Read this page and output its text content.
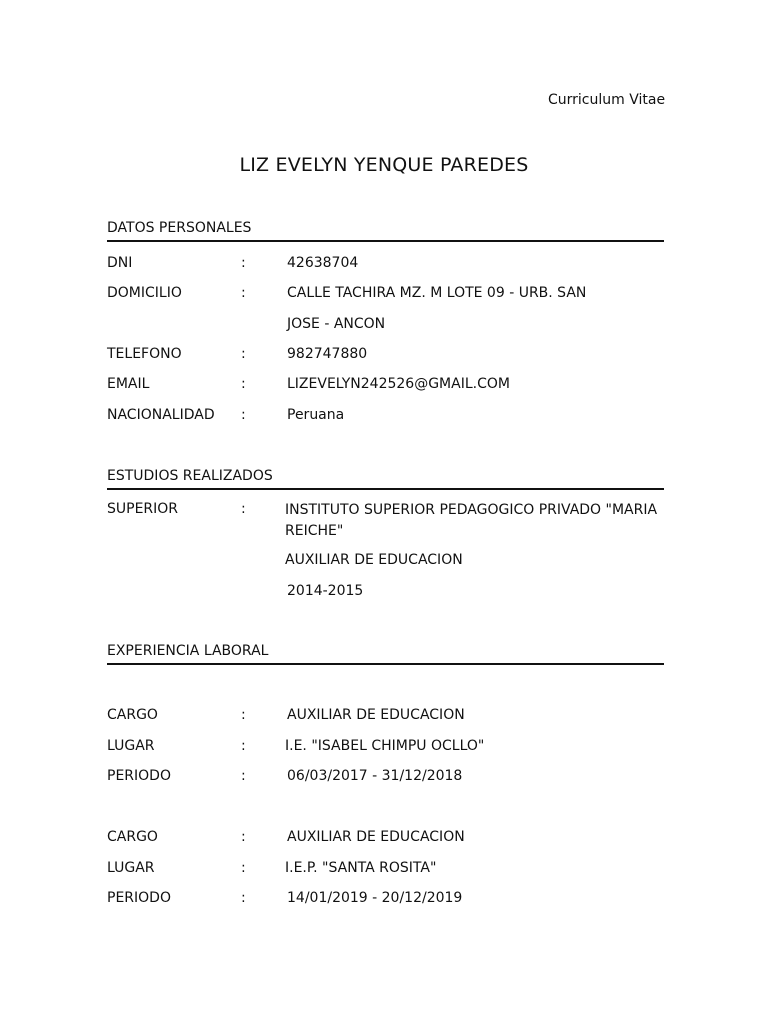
Curriculum Vitae
LIZ EVELYN YENQUE PAREDES
DATOS PERSONALES
DNI	:	42638704
DOMICILIO	:	CALLE TACHIRA MZ. M LOTE 09 - URB. SAN
JOSE - ANCON
TELEFONO	:	982747880
EMAIL	:	LIZEVELYN242526@GMAIL.COM
NACIONALIDAD :	Peruana
ESTUDIOS REALIZADOS
SUPERIOR	:	INSTITUTO SUPERIOR PEDAGOGICO PRIVADO "MARIA REICHE"
AUXILIAR DE EDUCACION
2014-2015
EXPERIENCIA LABORAL
CARGO	:	AUXILIAR DE EDUCACION
LUGAR	:	I.E. "ISABEL CHIMPU OCLLO"
PERIODO	:	06/03/2017 - 31/12/2018
CARGO	:	AUXILIAR DE EDUCACION
LUGAR	:	I.E.P. "SANTA ROSITA"
PERIODO	:	14/01/2019 - 20/12/2019
